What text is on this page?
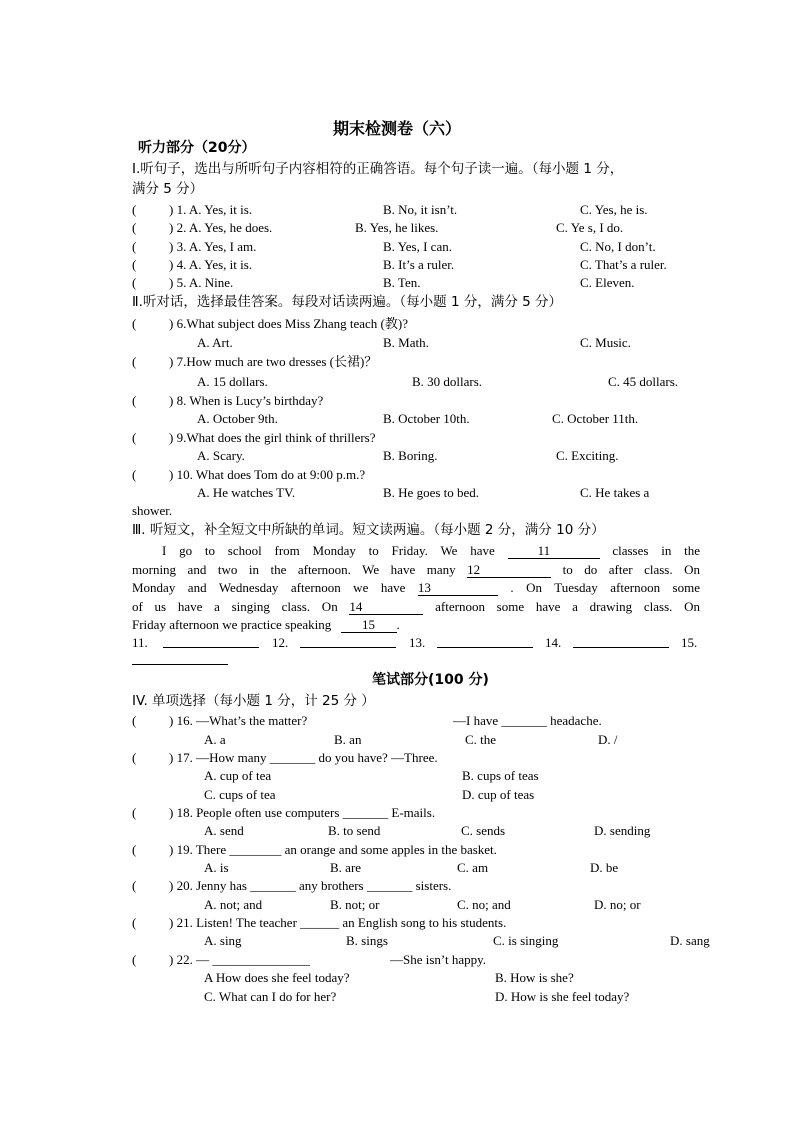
期末检测卷（六）
听力部分（20分）
Ⅰ.听句子，选出与所听句子内容相符的正确答语。每个句子读一遍。（每小题 1 分，
满分 5 分）
(	) 1. A. Yes, it is.	B. No, it isn’t.	C. Yes, he is.
(	) 2. A. Yes, he does.	B. Yes, he likes.	C. Ye s, I do.
(	) 3. A. Yes, I am.	B. Yes, I can.	C. No, I don’t.
(	) 4. A. Yes, it is.	B. It’s a ruler.	C. That’s a ruler.
(	) 5. A. Nine.	B. Ten.	C. Eleven.
Ⅱ.听对话，选择最佳答案。每段对话读两遍。（每小题 1 分，满分 5 分）
(	) 6.What subject does Miss Zhang teach (教)?
A. Art.	B. Math.	C. Music.
(	) 7.How much are two dresses (长裙)？
A. 15 dollars.	B. 30 dollars.	C. 45 dollars.
(	) 8. When is Lucy’s birthday?
A. October 9th.	B. October 10th.	C. October 11th.
(	) 9.What does the girl think of thrillers?
A. Scary.	B. Boring.	C. Exciting.
(	) 10. What does Tom do at 9:00 p.m.?
A. He watches TV.	B. He goes to bed.	C. He takes a
shower.
Ⅲ. 听短文，补全短文中所缺的单词。短文读两遍。（每小题 2 分，满分 10 分）
I go to school from Monday to Friday. We have	11	classes in the
morning and two in the afternoon. We have many 12	to do after class. On
Monday and Wednesday afternoon we have 13	. On Tuesday afternoon some
of us have a singing class. On 14	afternoon some have a drawing class. On
Friday afternoon we practice speaking 15 .
11.	12.	13.	14.	15.
笔试部分(100 分)
IV. 单项选择（每小题 1 分，计 25 分 ）
(	) 16. —What’s the matter?	—I have _______ headache.
A. a	B. an	C. the	D. /
(	) 17. —How many _______ do you have? —Three.
A. cup of tea	B. cups of teas
C. cups of tea	D. cup of teas
(	) 18. People often use computers _______ E-mails.
A. send	B. to send	C. sends	D. sending
(	) 19. There ________ an orange and some apples in the basket.
A. is	B. are	C. am	D. be
(	) 20. Jenny has _______ any brothers _______ sisters.
A. not; and	B. not; or	C. no; and	D. no; or
(	) 21. Listen! The teacher ______ an English song to his students.
A. sing	B. sings	C. is singing	D. sang
(	) 22. — _______________	—She isn’t happy.
A How does she feel today?	B. How is she?
C. What can I do for her?	D. How is she feel today?
